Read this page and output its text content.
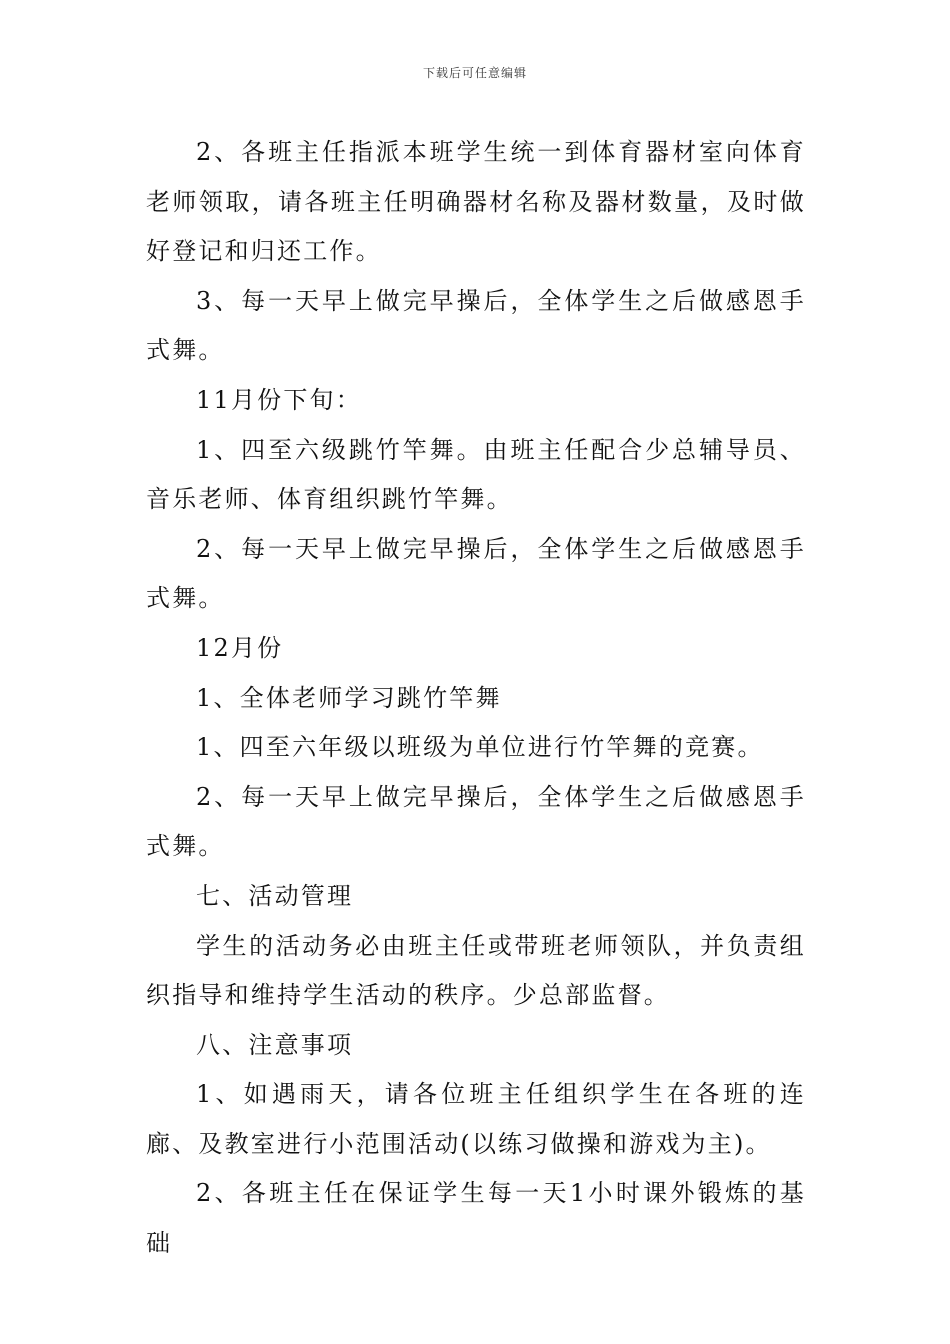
下载后可任意编辑

2、各班主任指派本班学生统一到体育器材室向体育老师领取，请各班主任明确器材名称及器材数量，及时做好登记和归还工作。

3、每一天早上做完早操后，全体学生之后做感恩手式舞。

11月份下旬：

1、四至六级跳竹竿舞。由班主任配合少总辅导员、音乐老师、体育组织跳竹竿舞。

2、每一天早上做完早操后，全体学生之后做感恩手式舞。

12月份

1、全体老师学习跳竹竿舞

1、四至六年级以班级为单位进行竹竿舞的竞赛。

2、每一天早上做完早操后，全体学生之后做感恩手式舞。

七、活动管理

学生的活动务必由班主任或带班老师领队，并负责组织指导和维持学生活动的秩序。少总部监督。

八、注意事项

1、如遇雨天，请各位班主任组织学生在各班的连廊、及教室进行小范围活动(以练习做操和游戏为主)。

2、各班主任在保证学生每一天1小时课外锻炼的基础
